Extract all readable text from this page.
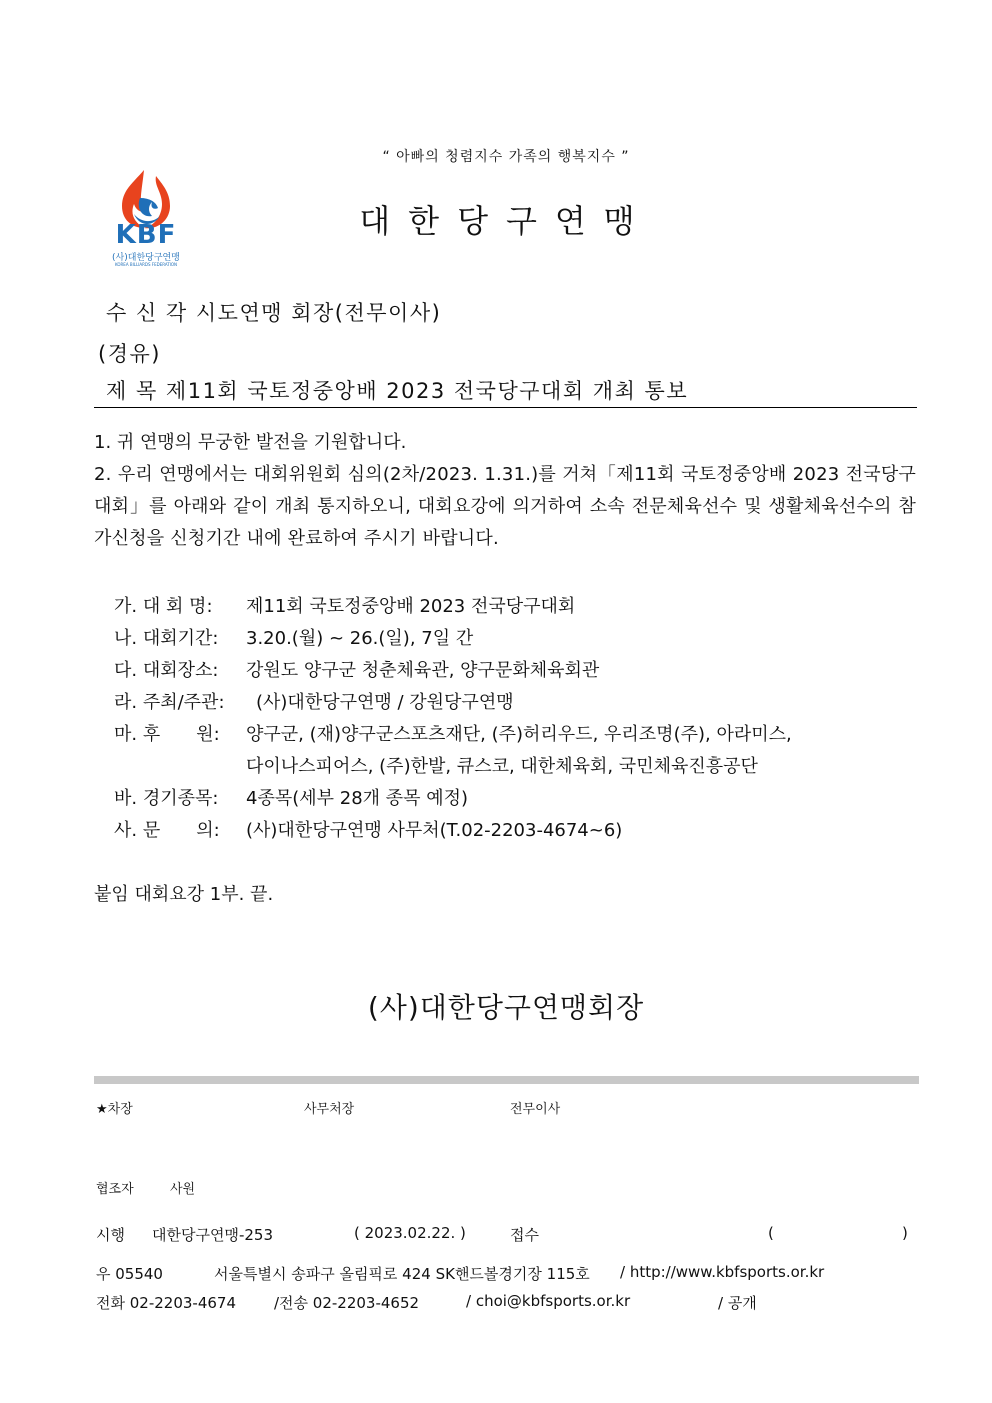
“ 아빠의 청렴지수 가족의 행복지수 ”
KBF
(사)대한당구연맹
KOREA BILLIARDS FEDERATION
대한당구연맹
수 신 각 시도연맹 회장(전무이사)
(경유)
제 목 제11회 국토정중앙배 2023 전국당구대회 개최 통보

1. 귀 연맹의 무궁한 발전을 기원합니다.

2. 우리 연맹에서는 대회위원회 심의(2차/2023. 1.31.)를 거쳐「제11회 국토정중앙배 2023 전국당구대회」를 아래와 같이 개최 통지하오니, 대회요강에 의거하여 소속 전문체육선수 및 생활체육선수의 참가신청을 신청기간 내에 완료하여 주시기 바랍니다.

가. 대 회 명: 제11회 국토정중앙배 2023 전국당구대회
나. 대회기간: 3.20.(월) ~ 26.(일), 7일 간
다. 대회장소: 강원도 양구군 청춘체육관, 양구문화체육회관
라. 주최/주관: (사)대한당구연맹 / 강원당구연맹
마. 후　　원: 양구군, (재)양구군스포츠재단, (주)허리우드, 우리조명(주), 아라미스,
다이나스피어스, (주)한발, 큐스코, 대한체육회, 국민체육진흥공단
바. 경기종목: 4종목(세부 28개 종목 예정)
사. 문　　의: (사)대한당구연맹 사무처(T.02-2203-4674~6)
붙임 대회요강 1부. 끝.
(사)대한당구연맹회장
★차장	사무처장	전무이사
협조자	사원
시행 대한당구연맹-253	( 2023.02.22. )	접수	(	)
우 05540	서울특별시 송파구 올림픽로 424 SK핸드볼경기장 115호 / http://www.kbfsports.or.kr
전화 02-2203-4674	/전송 02-2203-4652	/ choi@kbfsports.or.kr	/ 공개
